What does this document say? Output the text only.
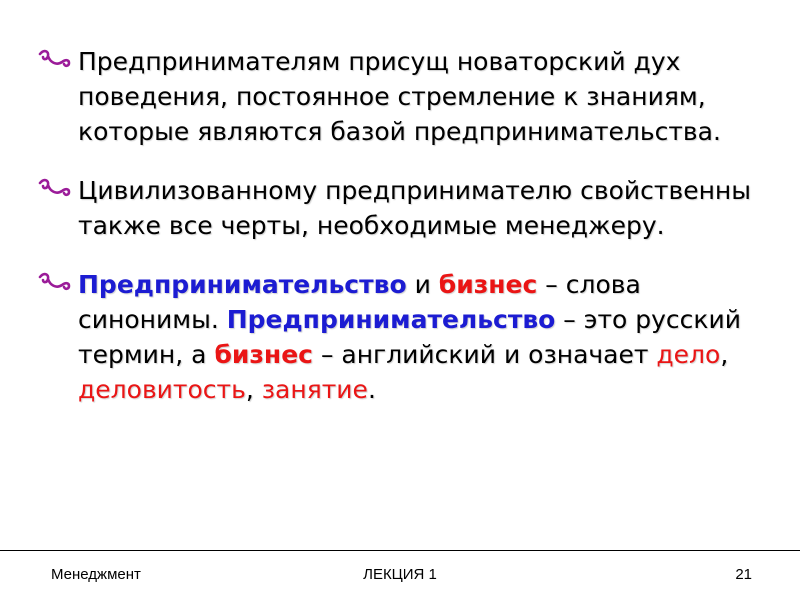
Предпринимателям присущ новаторский дух поведения, постоянное стремление к знаниям, которые являются базой предпринимательства.
Цивилизованному предпринимателю свойственны также все черты, необходимые менеджеру.
Предпринимательство и бизнес – слова синонимы. Предпринимательство – это русский термин, а бизнес – английский и означает дело, деловитость, занятие.
Менеджмент	ЛЕКЦИЯ 1	21
